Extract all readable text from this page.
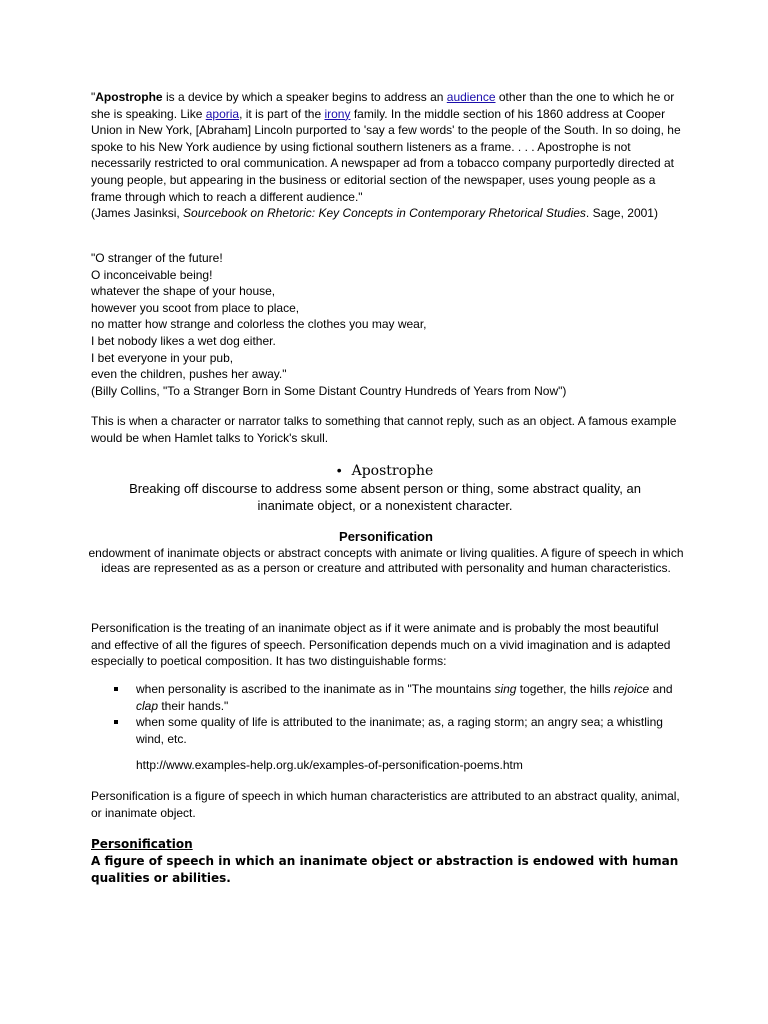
"Apostrophe is a device by which a speaker begins to address an audience other than the one to which he or she is speaking. Like aporia, it is part of the irony family. In the middle section of his 1860 address at Cooper Union in New York, [Abraham] Lincoln purported to 'say a few words' to the people of the South. In so doing, he spoke to his New York audience by using fictional southern listeners as a frame. . . . Apostrophe is not necessarily restricted to oral communication. A newspaper ad from a tobacco company purportedly directed at young people, but appearing in the business or editorial section of the newspaper, uses young people as a frame through which to reach a different audience."
(James Jasinksi, Sourcebook on Rhetoric: Key Concepts in Contemporary Rhetorical Studies. Sage, 2001)

"O stranger of the future!
O inconceivable being!
whatever the shape of your house,
however you scoot from place to place,
no matter how strange and colorless the clothes you may wear,
I bet nobody likes a wet dog either.
I bet everyone in your pub,
even the children, pushes her away."
(Billy Collins, "To a Stranger Born in Some Distant Country Hundreds of Years from Now")

This is when a character or narrator talks to something that cannot reply, such as an object. A famous example would be when Hamlet talks to Yorick's skull.

• Apostrophe
Breaking off discourse to address some absent person or thing, some abstract quality, an inanimate object, or a nonexistent character.
Personification
endowment of inanimate objects or abstract concepts with animate or living qualities. A figure of speech in which ideas are represented as as a person or creature and attributed with personality and human characteristics.

Personification is the treating of an inanimate object as if it were animate and is probably the most beautiful and effective of all the figures of speech. Personification depends much on a vivid imagination and is adapted especially to poetical composition. It has two distinguishable forms:

when personality is ascribed to the inanimate as in "The mountains sing together, the hills rejoice and clap their hands."
when some quality of life is attributed to the inanimate; as, a raging storm; an angry sea; a whistling wind, etc.
http://www.examples-help.org.uk/examples-of-personification-poems.htm

Personification is a figure of speech in which human characteristics are attributed to an abstract quality, animal, or inanimate object.

Personification
A figure of speech in which an inanimate object or abstraction is endowed with human qualities or abilities.
